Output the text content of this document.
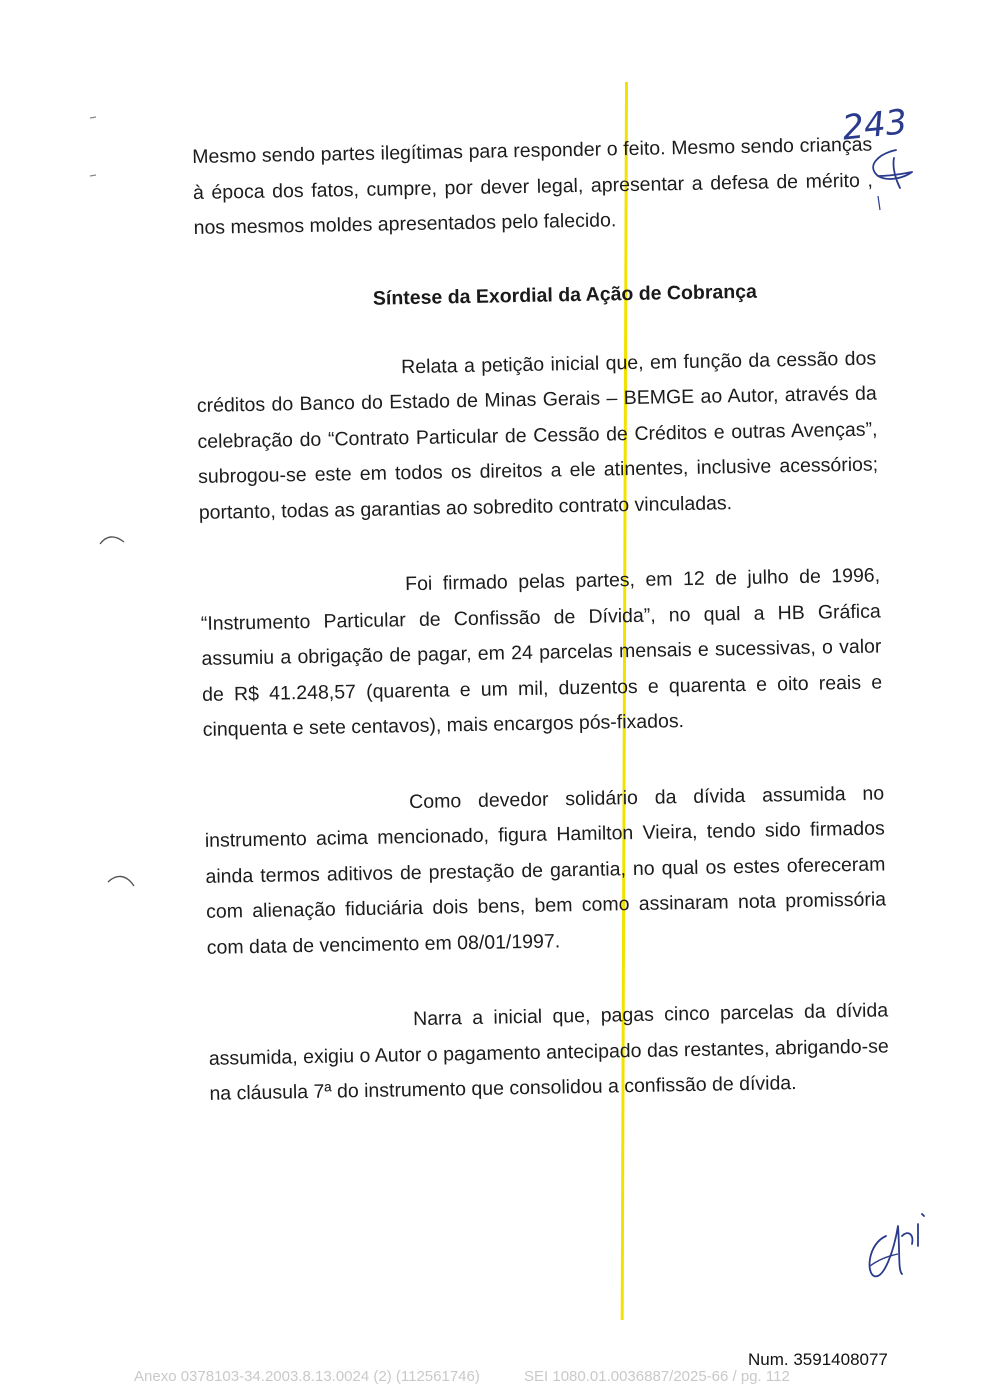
243

Mesmo sendo partes ilegítimas para responder o feito. Mesmo sendo crianças à época dos fatos, cumpre, por dever legal, apresentar a defesa de mérito , nos mesmos moldes apresentados pelo falecido.

Síntese da Exordial da Ação de Cobrança

Relata a petição inicial que, em função da cessão dos créditos do Banco do Estado de Minas Gerais – BEMGE ao Autor, através da celebração do “Contrato Particular de Cessão de Créditos e outras Avenças”, subrogou-se este em todos os direitos a ele atinentes, inclusive acessórios; portanto, todas as garantias ao sobredito contrato vinculadas.

Foi firmado pelas partes, em 12 de julho de 1996, “Instrumento Particular de Confissão de Dívida”, no qual a HB Gráfica assumiu a obrigação de pagar, em 24 parcelas mensais e sucessivas, o valor de R$ 41.248,57 (quarenta e um mil, duzentos e quarenta e oito reais e cinquenta e sete centavos), mais encargos pós-fixados.

Como devedor solidário da dívida assumida no instrumento acima mencionado, figura Hamilton Vieira, tendo sido firmados ainda termos aditivos de prestação de garantia, no qual os estes ofereceram com alienação fiduciária dois bens, bem como assinaram nota promissória com data de vencimento em 08/01/1997.

Narra a inicial que, pagas cinco parcelas da dívida assumida, exigiu o Autor o pagamento antecipado das restantes, abrigando-se na cláusula 7ª do instrumento que consolidou a confissão de dívida.

Num. 3591408077
Anexo 0378103-34.2003.8.13.0024 (2) (112561746)	SEI 1080.01.0036887/2025-66 / pg. 112
